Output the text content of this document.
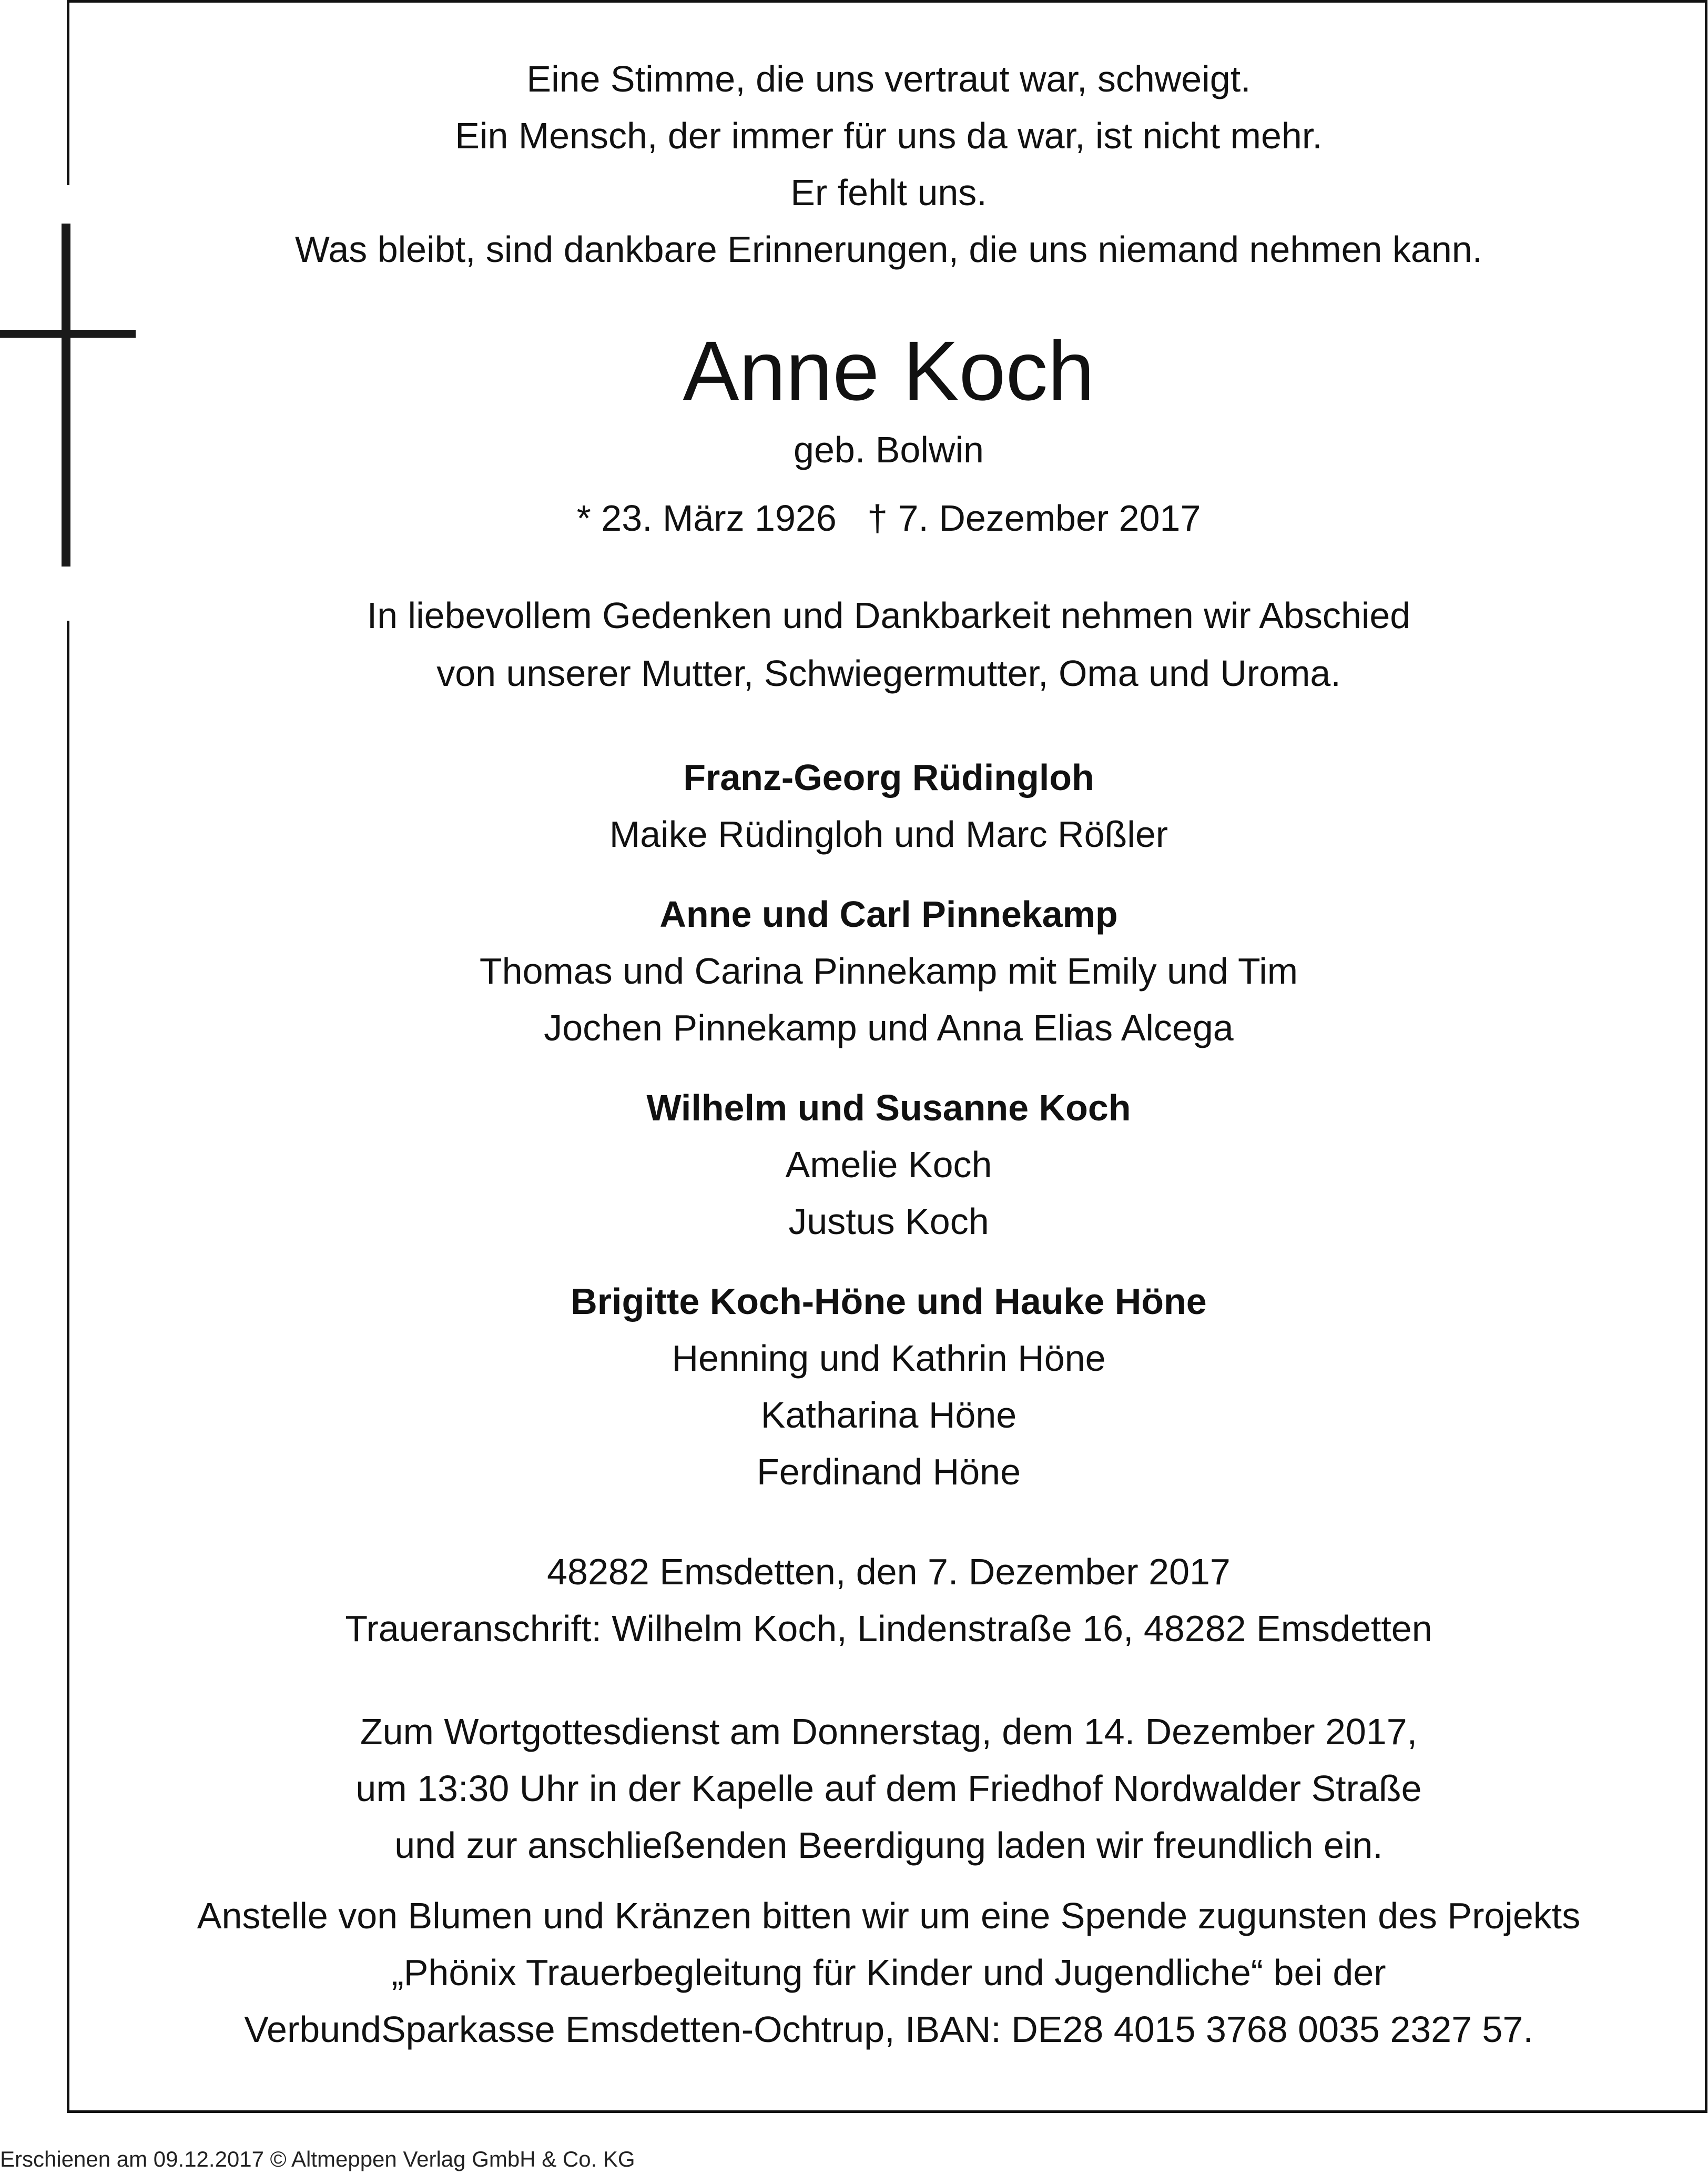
Eine Stimme, die uns vertraut war, schweigt.
Ein Mensch, der immer für uns da war, ist nicht mehr.
Er fehlt uns.
Was bleibt, sind dankbare Erinnerungen, die uns niemand nehmen kann.
Anne Koch
geb. Bolwin
* 23. März 1926   † 7. Dezember 2017
In liebevollem Gedenken und Dankbarkeit nehmen wir Abschied
von unserer Mutter, Schwiegermutter, Oma und Uroma.
Franz-Georg Rüdingloh
Maike Rüdingloh und Marc Rößler
Anne und Carl Pinnekamp
Thomas und Carina Pinnekamp mit Emily und Tim
Jochen Pinnekamp und Anna Elias Alcega
Wilhelm und Susanne Koch
Amelie Koch
Justus Koch
Brigitte Koch-Höne und Hauke Höne
Henning und Kathrin Höne
Katharina Höne
Ferdinand Höne
48282 Emsdetten, den 7. Dezember 2017
Traueranschrift: Wilhelm Koch, Lindenstraße 16, 48282 Emsdetten
Zum Wortgottesdienst am Donnerstag, dem 14. Dezember 2017,
um 13:30 Uhr in der Kapelle auf dem Friedhof Nordwalder Straße
und zur anschließenden Beerdigung laden wir freundlich ein.
Anstelle von Blumen und Kränzen bitten wir um eine Spende zugunsten des Projekts
„Phönix Trauerbegleitung für Kinder und Jugendliche“ bei der
VerbundSparkasse Emsdetten-Ochtrup, IBAN: DE28 4015 3768 0035 2327 57.
Erschienen am 09.12.2017 © Altmeppen Verlag GmbH & Co. KG
